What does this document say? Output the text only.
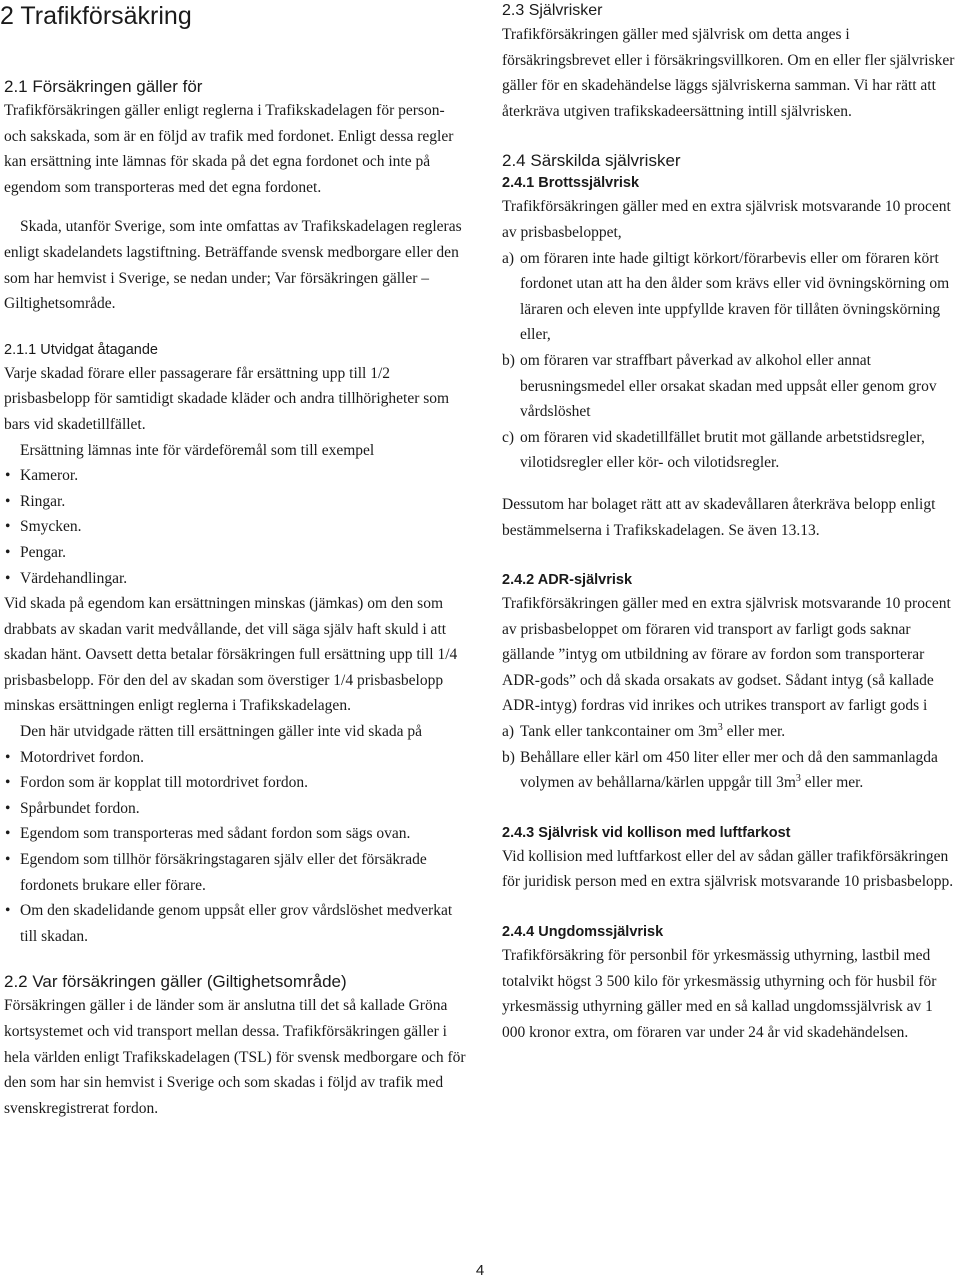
2 Trafikförsäkring
2.1 Försäkringen gäller för

Trafikförsäkringen gäller enligt reglerna i Trafikskadelagen för person- och sakskada, som är en följd av trafik med fordonet. Enligt dessa regler kan ersättning inte lämnas för skada på det egna fordonet och inte på egendom som transporteras med det egna fordonet.

Skada, utanför Sverige, som inte omfattas av Trafikskadelagen regleras enligt skadelandets lagstiftning. Beträffande svensk medborgare eller den som har hemvist i Sverige, se nedan under; Var försäkringen gäller – Giltighetsområde.

2.1.1 Utvidgat åtagande

Varje skadad förare eller passagerare får ersättning upp till 1/2 prisbasbelopp för samtidigt skadade kläder och andra tillhörigheter som bars vid skadetillfället.

Ersättning lämnas inte för värdeföremål som till exempel

• Kameror.
• Ringar.
• Smycken.
• Pengar.
• Värdehandlingar.

Vid skada på egendom kan ersättningen minskas (jämkas) om den som drabbats av skadan varit medvållande, det vill säga själv haft skuld i att skadan hänt. Oavsett detta betalar försäkringen full ersättning upp till 1/4 prisbasbelopp. För den del av skadan som överstiger 1/4 prisbasbelopp minskas ersättningen enligt reglerna i Trafikskadelagen.

Den här utvidgade rätten till ersättningen gäller inte vid skada på

• Motordrivet fordon.
• Fordon som är kopplat till motordrivet fordon.
• Spårbundet fordon.
• Egendom som transporteras med sådant fordon som sägs ovan.
• Egendom som tillhör försäkringstagaren själv eller det försäkrade fordonets brukare eller förare.
• Om den skadelidande genom uppsåt eller grov vårdslöshet medverkat till skadan.
2.2 Var försäkringen gäller (Giltighetsområde)

Försäkringen gäller i de länder som är anslutna till det så kallade Gröna kortsystemet och vid transport mellan dessa. Trafikförsäkringen gäller i hela världen enligt Trafikskadelagen (TSL) för svensk medborgare och för den som har sin hemvist i Sverige och som skadas i följd av trafik med svenskregistrerat fordon.

2.3 Självrisker

Trafikförsäkringen gäller med självrisk om detta anges i försäkringsbrevet eller i försäkringsvillkoren. Om en eller fler självrisker gäller för en skadehändelse läggs självriskerna samman. Vi har rätt att återkräva utgiven trafikskadeersättning intill självrisken.

2.4 Särskilda självrisker
2.4.1 Brottssjälvrisk

Trafikförsäkringen gäller med en extra självrisk motsvarande 10 procent av prisbasbeloppet,

a) om föraren inte hade giltigt körkort/förarbevis eller om föraren kört fordonet utan att ha den ålder som krävs eller vid övningskörning om läraren och eleven inte uppfyllde kraven för tillåten övningskörning eller,
b) om föraren var straffbart påverkad av alkohol eller annat berusningsmedel eller orsakat skadan med uppsåt eller genom grov vårdslöshet
c) om föraren vid skadetillfället brutit mot gällande arbetstidsregler, vilotidsregler eller kör- och vilotidsregler.

Dessutom har bolaget rätt att av skadevållaren återkräva belopp enligt bestämmelserna i Trafikskadelagen. Se även 13.13.

2.4.2 ADR-självrisk

Trafikförsäkringen gäller med en extra självrisk motsvarande 10 procent av prisbasbeloppet om föraren vid transport av farligt gods saknar gällande ”intyg om utbildning av förare av fordon som transporterar ADR-gods” och då skada orsakats av godset. Sådant intyg (så kallade ADR-intyg) fordras vid inrikes och utrikes transport av farligt gods i

a) Tank eller tankcontainer om $3m^3$ eller mer.
b) Behållare eller kärl om 450 liter eller mer och då den sammanlagda volymen av behållarna/kärlen uppgår till $3m^3$ eller mer.
2.4.3 Självrisk vid kollison med luftfarkost

Vid kollision med luftfarkost eller del av sådan gäller trafikförsäkringen för juridisk person med en extra självrisk motsvarande 10 prisbasbelopp.

2.4.4 Ungdomssjälvrisk

Trafikförsäkring för personbil för yrkesmässig uthyrning, lastbil med totalvikt högst 3 500 kilo för yrkesmässig uthyrning och för husbil för yrkesmässig uthyrning gäller med en så kallad ungdomssjälvrisk av 1 000 kronor extra, om föraren var under 24 år vid skadehändelsen.

4
